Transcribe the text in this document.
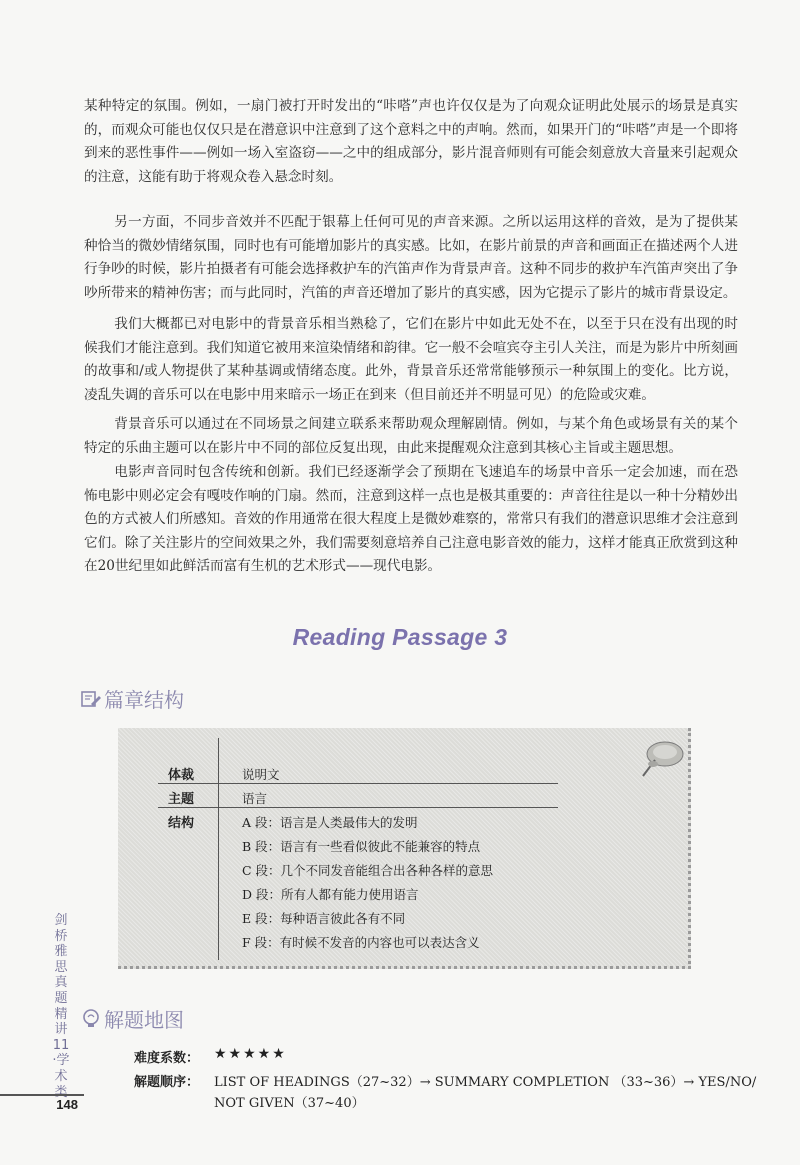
某种特定的氛围。例如，一扇门被打开时发出的“咔嗒”声也许仅仅是为了向观众证明此处展示的场景是真实的，而观众可能也仅仅只是在潜意识中注意到了这个意料之中的声响。然而，如果开门的“咔嗒”声是一个即将到来的恶性事件——例如一场入室盗窃——之中的组成部分，影片混音师则有可能会刻意放大音量来引起观众的注意，这能有助于将观众卷入悬念时刻。

另一方面，不同步音效并不匹配于银幕上任何可见的声音来源。之所以运用这样的音效，是为了提供某种恰当的微妙情绪氛围，同时也有可能增加影片的真实感。比如，在影片前景的声音和画面正在描述两个人进行争吵的时候，影片拍摄者有可能会选择救护车的汽笛声作为背景声音。这种不同步的救护车汽笛声突出了争吵所带来的精神伤害；而与此同时，汽笛的声音还增加了影片的真实感，因为它提示了影片的城市背景设定。

我们大概都已对电影中的背景音乐相当熟稔了，它们在影片中如此无处不在，以至于只在没有出现的时候我们才能注意到。我们知道它被用来渲染情绪和韵律。它一般不会喧宾夺主引人关注，而是为影片中所刻画的故事和/或人物提供了某种基调或情绪态度。此外，背景音乐还常常能够预示一种氛围上的变化。比方说，凌乱失调的音乐可以在电影中用来暗示一场正在到来（但目前还并不明显可见）的危险或灾难。

背景音乐可以通过在不同场景之间建立联系来帮助观众理解剧情。例如，与某个角色或场景有关的某个特定的乐曲主题可以在影片中不同的部位反复出现，由此来提醒观众注意到其核心主旨或主题思想。

电影声音同时包含传统和创新。我们已经逐渐学会了预期在飞速追车的场景中音乐一定会加速，而在恐怖电影中则必定会有嘎吱作响的门扇。然而，注意到这样一点也是极其重要的：声音往往是以一种十分精妙出色的方式被人们所感知。音效的作用通常在很大程度上是微妙难察的，常常只有我们的潜意识思维才会注意到它们。除了关注影片的空间效果之外，我们需要刻意培养自己注意电影音效的能力，这样才能真正欣赏到这种在20世纪里如此鲜活而富有生机的艺术形式——现代电影。

Reading Passage 3
篇章结构
体裁	说明文
主题	语言
结构	A 段：语言是人类最伟大的发明
B 段：语言有一些看似彼此不能兼容的特点
C 段：几个不同发音能组合出各种各样的意思
D 段：所有人都有能力使用语言
E 段：每种语言彼此各有不同
F 段：有时候不发音的内容也可以表达含义
解题地图
难度系数： ★★★★★
解题顺序： LIST OF HEADINGS（27~32）→ SUMMARY COMPLETION （33~36）→ YES/NO/
NOT GIVEN（37~40）
剑桥雅思真题精讲11·学术类
148
